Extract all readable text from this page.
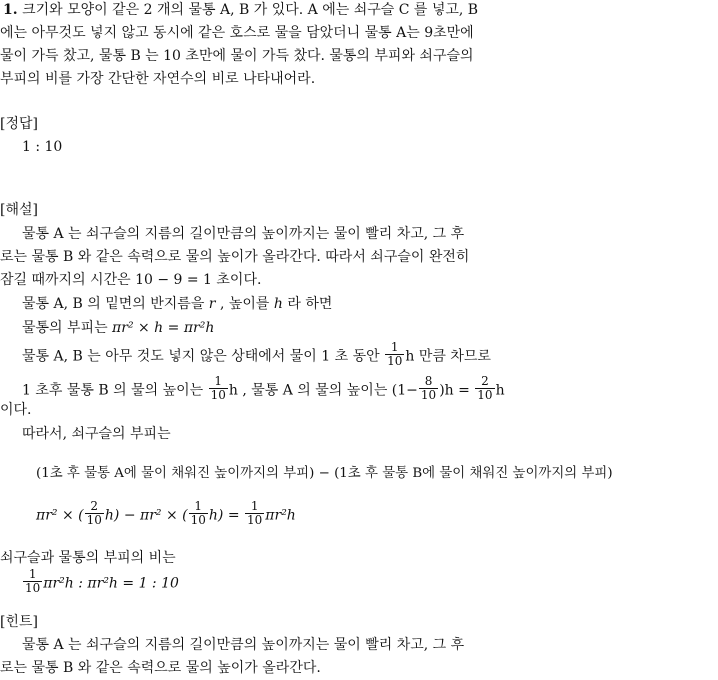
1. 크기와 모양이 같은 2 개의 물통 A, B 가 있다. A 에는 쇠구슬 C 를 넣고, B
에는 아무것도 넣지 않고 동시에 같은 호스로 물을 담았더니 물통 A는 9초만에
물이 가득 찼고, 물통 B 는 10 초만에 물이 가득 찼다. 물통의 부피와 쇠구슬의
부피의 비를 가장 간단한 자연수의 비로 나타내어라.
[정답]
1 : 10
[해설]
물통 A 는 쇠구슬의 지름의 길이만큼의 높이까지는 물이 빨리 차고, 그 후
로는 물통 B 와 같은 속력으로 물의 높이가 올라간다. 따라서 쇠구슬이 완전히
잠길 때까지의 시간은 10 − 9 = 1 초이다.
물통 A, B 의 밑면의 반지름을 r , 높이를 h 라 하면
물통의 부피는 πr² × h = πr²h
물통 A, B 는 아무 것도 넣지 않은 상태에서 물이 1 초 동안 $\frac{1}{10}$ h 만큼 차므로
1 초후 물통 B 의 물의 높이는 $\frac{1}{10}$ h , 물통 A 의 물의 높이는 $(1- \frac{8}{10} )h = \frac{2}{10}$ h
이다.
따라서, 쇠구슬의 부피는
(1초 후 물통 A에 물이 채워진 높이까지의 부피) − (1초 후 물통 B에 물이 채워진 높이까지의 부피)
πr² × ( $\frac{2}{10} h) - \pi r^2$ × ( $\frac{1}{10} h) = \frac{1}{10} \pi r^2h$
쇠구슬과 물통의 부피의 비는
$\frac{1}{10} \pi r^2h$ : πr²h = 1 : 10
[힌트]
물통 A 는 쇠구슬의 지름의 길이만큼의 높이까지는 물이 빨리 차고, 그 후
로는 물통 B 와 같은 속력으로 물의 높이가 올라간다.
